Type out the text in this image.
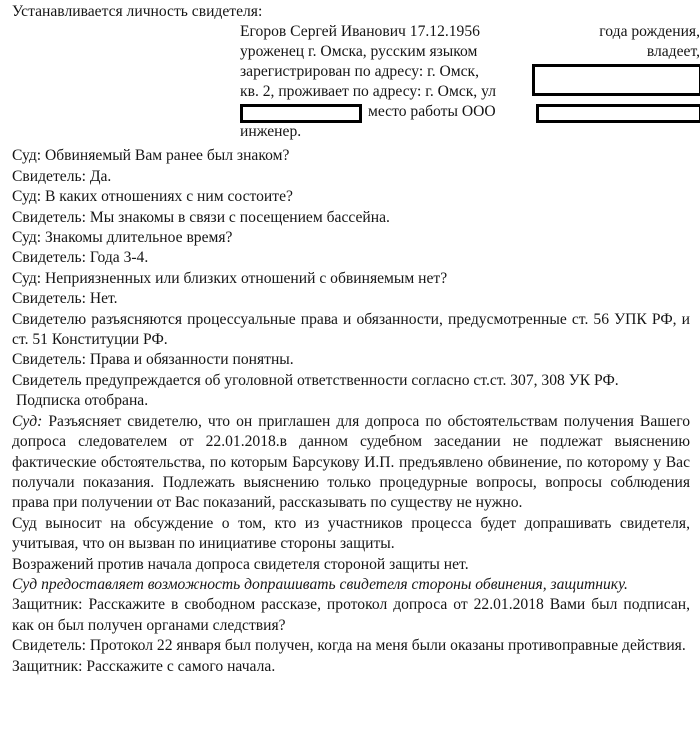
Устанавливается личность свидетеля:
Егоров Сергей Иванович 17.12.1956	года рождения,
уроженец г. Омска, русским языком	владеет,
зарегистрирован по адресу: г. Омск,
кв. 2, проживает по адресу: г. Омск, ул
место работы ООО
инженер.
Суд: Обвиняемый Вам ранее был знаком?
Свидетель: Да.
Суд: В каких отношениях с ним состоите?
Свидетель: Мы знакомы в связи с посещением бассейна.
Суд: Знакомы длительное время?
Свидетель: Года 3-4.
Суд: Неприязненных или близких отношений с обвиняемым нет?
Свидетель: Нет.
Свидетелю разъясняются процессуальные права и обязанности, предусмотренные ст. 56 УПК РФ, и ст. 51 Конституции РФ.
Свидетель: Права и обязанности понятны.
Свидетель предупреждается об уголовной ответственности согласно ст.ст. 307, 308 УК РФ.
Подписка отобрана.
Суд: Разъясняет свидетелю, что он приглашен для допроса по обстоятельствам получения Вашего допроса следователем от 22.01.2018.в данном судебном заседании не подлежат выяснению фактические обстоятельства, по которым Барсукову И.П. предъявлено обвинение, по которому у Вас получали показания. Подлежать выяснению только процедурные вопросы, вопросы соблюдения права при получении от Вас показаний, рассказывать по существу не нужно.
Суд выносит на обсуждение о том, кто из участников процесса будет допрашивать свидетеля, учитывая, что он вызван по инициативе стороны защиты.
Возражений против начала допроса свидетеля стороной защиты нет.
Суд предоставляет возможность допрашивать свидетеля стороны обвинения, защитнику.
Защитник: Расскажите в свободном рассказе, протокол допроса от 22.01.2018 Вами был подписан, как он был получен органами следствия?
Свидетель: Протокол 22 января был получен, когда на меня были оказаны противоправные действия.
Защитник: Расскажите с самого начала.
